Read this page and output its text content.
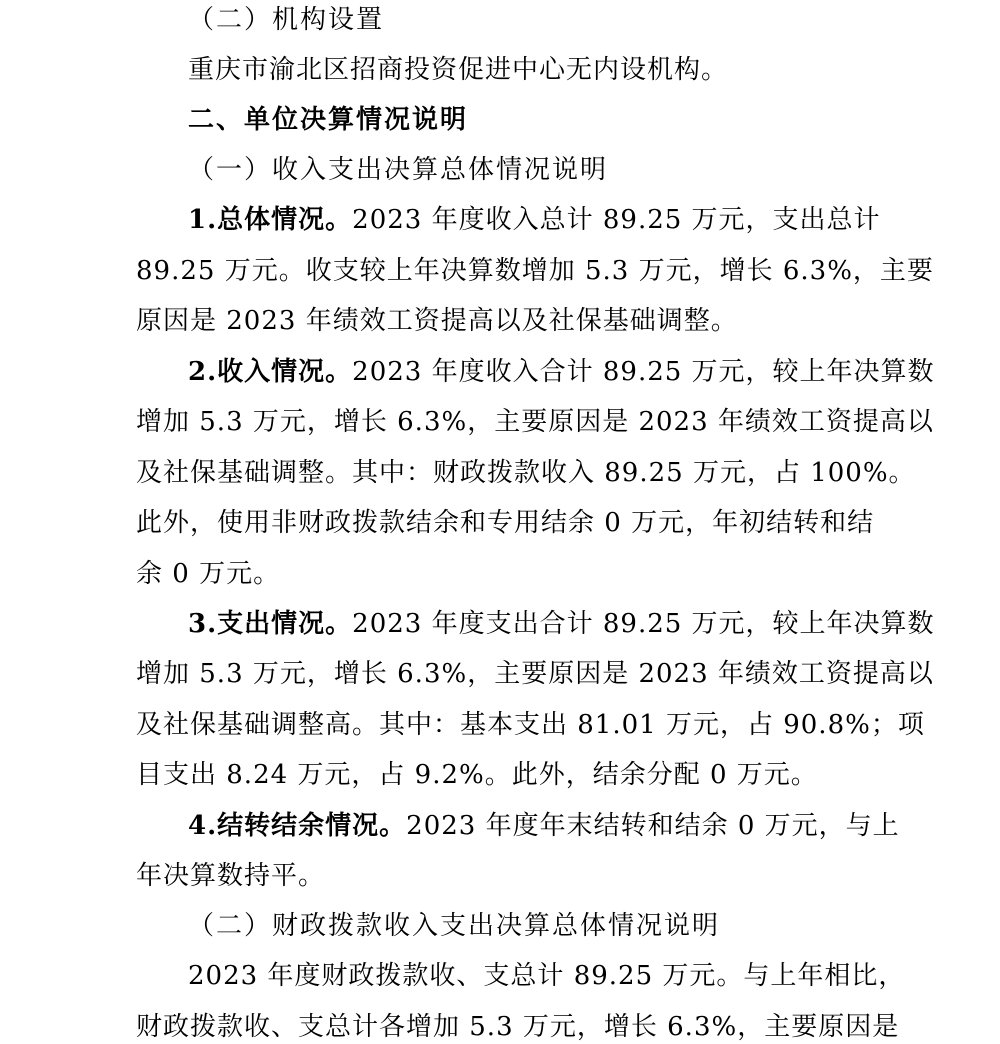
（二）机构设置
重庆市渝北区招商投资促进中心无内设机构。
二、单位决算情况说明
（一）收入支出决算总体情况说明
1.总体情况。2023 年度收入总计 89.25 万元，支出总计
89.25 万元。收支较上年决算数增加 5.3 万元，增长 6.3%，主要
原因是 2023 年绩效工资提高以及社保基础调整。
2.收入情况。2023 年度收入合计 89.25 万元，较上年决算数
增加 5.3 万元，增长 6.3%，主要原因是 2023 年绩效工资提高以
及社保基础调整。其中：财政拨款收入 89.25 万元，占 100%。
此外，使用非财政拨款结余和专用结余 0 万元，年初结转和结
余 0 万元。
3.支出情况。2023 年度支出合计 89.25 万元，较上年决算数
增加 5.3 万元，增长 6.3%，主要原因是 2023 年绩效工资提高以
及社保基础调整高。其中：基本支出 81.01 万元，占 90.8%；项
目支出 8.24 万元，占 9.2%。此外，结余分配 0 万元。
4.结转结余情况。2023 年度年末结转和结余 0 万元，与上
年决算数持平。
（二）财政拨款收入支出决算总体情况说明
2023 年度财政拨款收、支总计 89.25 万元。与上年相比，
财政拨款收、支总计各增加 5.3 万元，增长 6.3%，主要原因是
